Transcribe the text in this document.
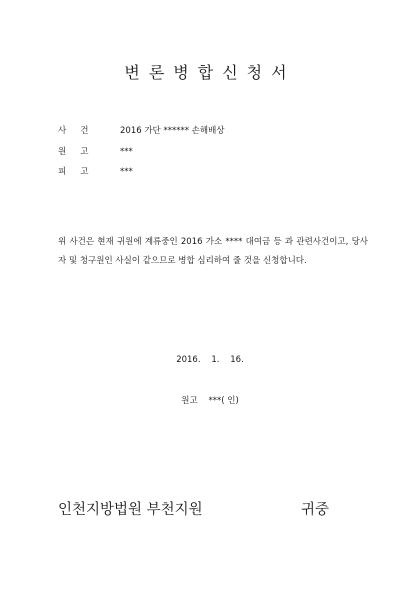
변론병합신청서
사건 2016 가단 ****** 손해배상
원고 ***
피고 ***
위 사건은 현재 귀원에 계류중인 2016 가소 **** 대여금 등 과 관련사건이고, 당사자 및 청구원인 사실이 같으므로 병합 심리하여 줄 것을 신청합니다.
2016.    1.    16.
원고    ***( 인)
인천지방법원 부천지원	귀중
